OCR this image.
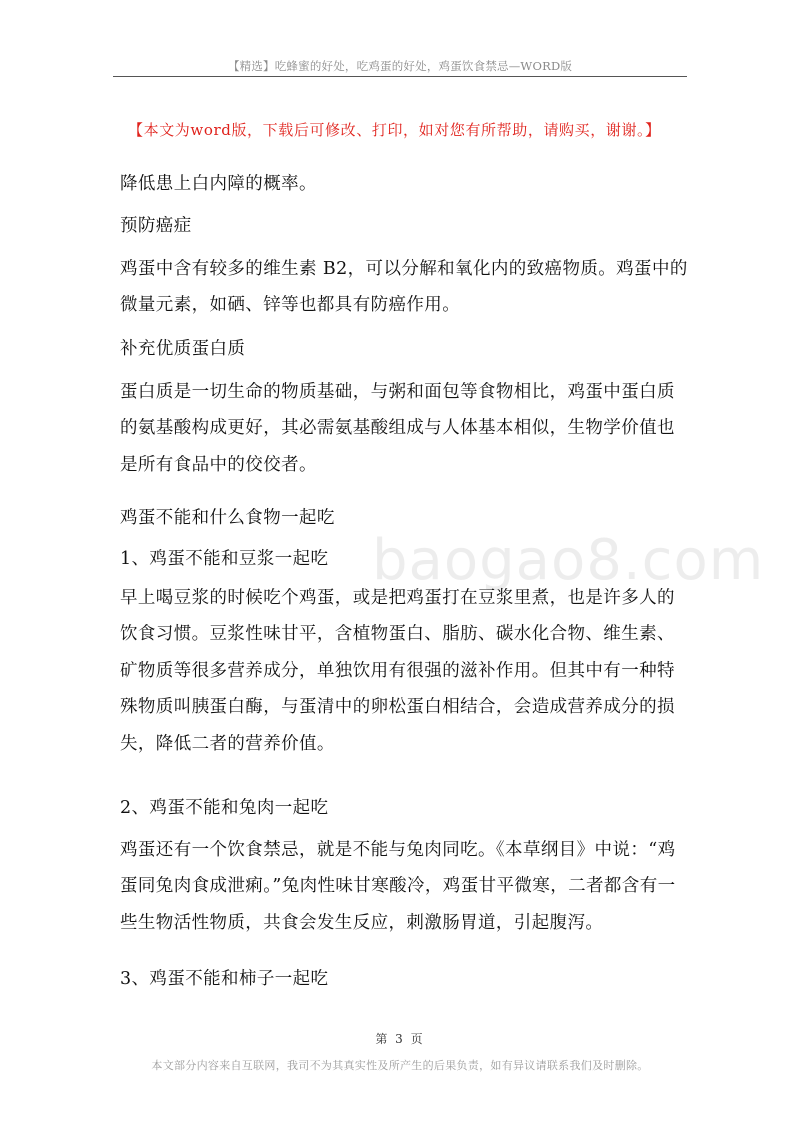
【精选】吃蜂蜜的好处，吃鸡蛋的好处，鸡蛋饮食禁忌—WORD版
【本文为word版，下载后可修改、打印，如对您有所帮助，请购买，谢谢。】

降低患上白内障的概率。

预防癌症

鸡蛋中含有较多的维生素 B2，可以分解和氧化内的致癌物质。鸡蛋中的微量元素，如硒、锌等也都具有防癌作用。

补充优质蛋白质

蛋白质是一切生命的物质基础，与粥和面包等食物相比，鸡蛋中蛋白质的氨基酸构成更好，其必需氨基酸组成与人体基本相似，生物学价值也是所有食品中的佼佼者。

鸡蛋不能和什么食物一起吃

1、鸡蛋不能和豆浆一起吃

早上喝豆浆的时候吃个鸡蛋，或是把鸡蛋打在豆浆里煮，也是许多人的饮食习惯。豆浆性味甘平，含植物蛋白、脂肪、碳水化合物、维生素、矿物质等很多营养成分，单独饮用有很强的滋补作用。但其中有一种特殊物质叫胰蛋白酶，与蛋清中的卵松蛋白相结合，会造成营养成分的损失，降低二者的营养价值。

2、鸡蛋不能和兔肉一起吃

鸡蛋还有一个饮食禁忌，就是不能与兔肉同吃。《本草纲目》中说：“鸡蛋同兔肉食成泄痢。”兔肉性味甘寒酸冷，鸡蛋甘平微寒，二者都含有一些生物活性物质，共食会发生反应，刺激肠胃道，引起腹泻。

3、鸡蛋不能和柿子一起吃

baogao8.com
第 3 页
本文部分内容来自互联网，我司不为其真实性及所产生的后果负责，如有异议请联系我们及时删除。
